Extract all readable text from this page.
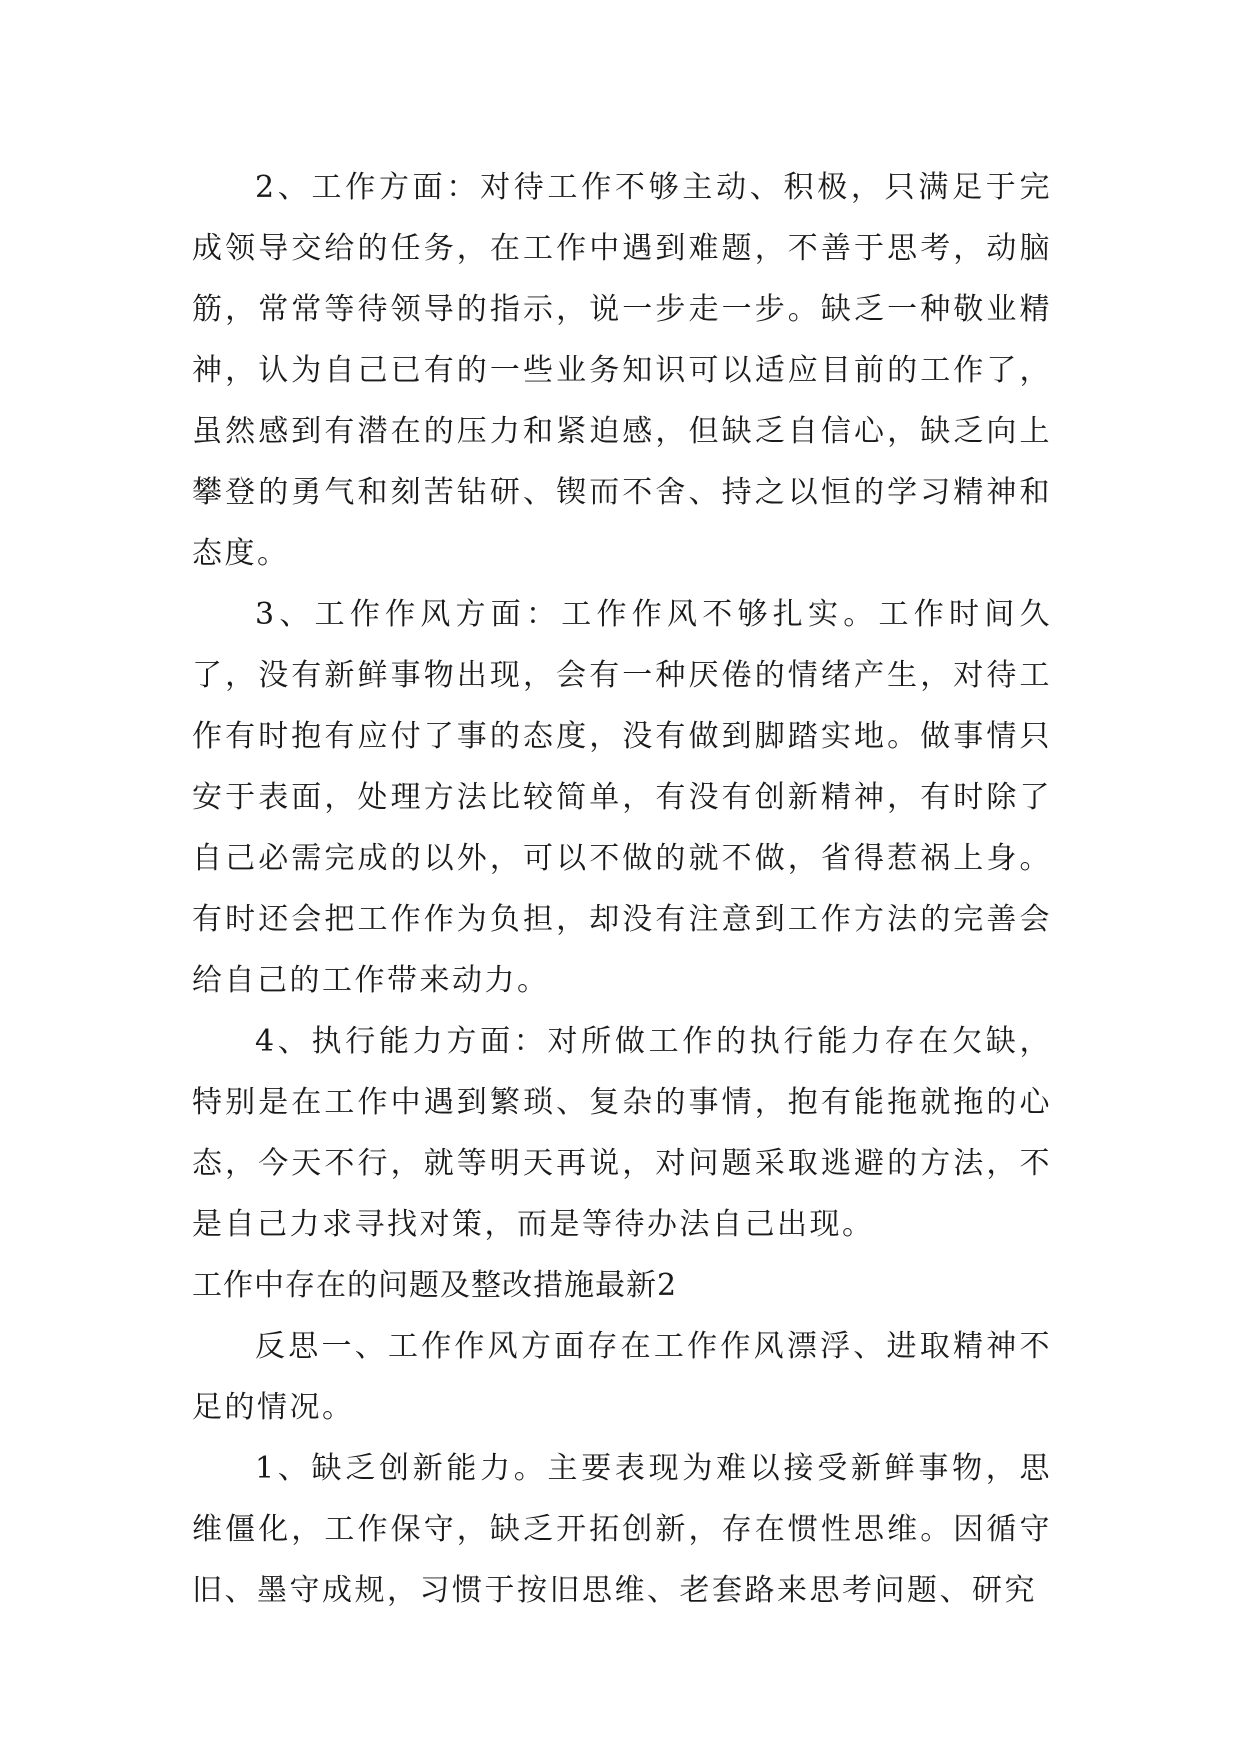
2、工作方面：对待工作不够主动、积极，只满足于完成领导交给的任务，在工作中遇到难题，不善于思考，动脑筋，常常等待领导的指示，说一步走一步。缺乏一种敬业精神，认为自己已有的一些业务知识可以适应目前的工作了，虽然感到有潜在的压力和紧迫感，但缺乏自信心，缺乏向上攀登的勇气和刻苦钻研、锲而不舍、持之以恒的学习精神和态度。

3、工作作风方面：工作作风不够扎实。工作时间久了，没有新鲜事物出现，会有一种厌倦的情绪产生，对待工作有时抱有应付了事的态度，没有做到脚踏实地。做事情只安于表面，处理方法比较简单，有没有创新精神，有时除了自己必需完成的以外，可以不做的就不做，省得惹祸上身。有时还会把工作作为负担，却没有注意到工作方法的完善会给自己的工作带来动力。

4、执行能力方面：对所做工作的执行能力存在欠缺，特别是在工作中遇到繁琐、复杂的事情，抱有能拖就拖的心态，今天不行，就等明天再说，对问题采取逃避的方法，不是自己力求寻找对策，而是等待办法自己出现。

工作中存在的问题及整改措施最新2

反思一、工作作风方面存在工作作风漂浮、进取精神不足的情况。

1、缺乏创新能力。主要表现为难以接受新鲜事物，思维僵化，工作保守，缺乏开拓创新，存在惯性思维。因循守旧、墨守成规，习惯于按旧思维、老套路来思考问题、研究
